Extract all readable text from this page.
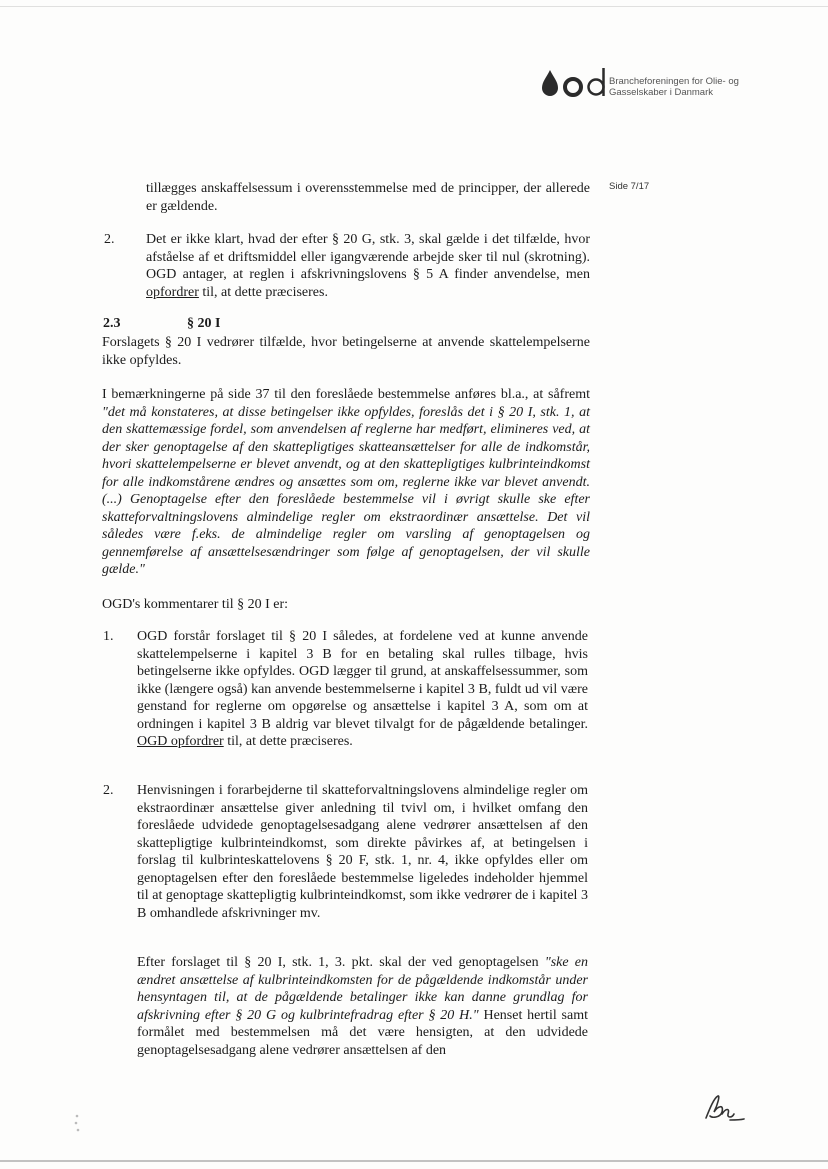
Brancheforeningen for Olie- og
Gasselskaber i Danmark
Side 7/17

tillægges anskaffelsessum i overensstemmelse med de principper, der allerede er gældende.

2. Det er ikke klart, hvad der efter § 20 G, stk. 3, skal gælde i det tilfælde, hvor afståelse af et driftsmiddel eller igangværende arbejde sker til nul (skrotning). OGD antager, at reglen i afskrivningslovens § 5 A finder anvendelse, men opfordrer til, at dette præciseres.

2.3	§ 20 I

Forslagets § 20 I vedrører tilfælde, hvor betingelserne at anvende skattelempelserne ikke opfyldes.

I bemærkningerne på side 37 til den foreslåede bestemmelse anføres bl.a., at såfremt "det må konstateres, at disse betingelser ikke opfyldes, foreslås det i § 20 I, stk. 1, at den skattemæssige fordel, som anvendelsen af reglerne har medført, elimineres ved, at der sker genoptagelse af den skattepligtiges skatteansættelser for alle de indkomstår, hvori skattelempelserne er blevet anvendt, og at den skattepligtiges kulbrinteindkomst for alle indkomstårene ændres og ansættes som om, reglerne ikke var blevet anvendt. (...) Genoptagelse efter den foreslåede bestemmelse vil i øvrigt skulle ske efter skatteforvaltningslovens almindelige regler om ekstraordinær ansættelse. Det vil således være f.eks. de almindelige regler om varsling af genoptagelsen og gennemførelse af ansættelsesændringer som følge af genoptagelsen, der vil skulle gælde."

OGD's kommentarer til § 20 I er:

1. OGD forstår forslaget til § 20 I således, at fordelene ved at kunne anvende skattelempelserne i kapitel 3 B for en betaling skal rulles tilbage, hvis betingelserne ikke opfyldes. OGD lægger til grund, at anskaffelsessummer, som ikke (længere også) kan anvende bestemmelserne i kapitel 3 B, fuldt ud vil være genstand for reglerne om opgørelse og ansættelse i kapitel 3 A, som om at ordningen i kapitel 3 B aldrig var blevet tilvalgt for de pågældende betalinger. OGD opfordrer til, at dette præciseres.

2. Henvisningen i forarbejderne til skatteforvaltningslovens almindelige regler om ekstraordinær ansættelse giver anledning til tvivl om, i hvilket omfang den foreslåede udvidede genoptagelsesadgang alene vedrører ansættelsen af den skattepligtige kulbrinteindkomst, som direkte påvirkes af, at betingelsen i forslag til kulbrinteskattelovens § 20 F, stk. 1, nr. 4, ikke opfyldes eller om genoptagelsen efter den foreslåede bestemmelse ligeledes indeholder hjemmel til at genoptage skattepligtig kulbrinteindkomst, som ikke vedrører de i kapitel 3 B omhandlede afskrivninger mv.

Efter forslaget til § 20 I, stk. 1, 3. pkt. skal der ved genoptagelsen "ske en ændret ansættelse af kulbrinteindkomsten for de pågældende indkomstår under hensyntagen til, at de pågældende betalinger ikke kan danne grundlag for afskrivning efter § 20 G og kulbrintefradrag efter § 20 H." Henset hertil samt formålet med bestemmelsen må det være hensigten, at den udvidede genoptagelsesadgang alene vedrører ansættelsen af den
